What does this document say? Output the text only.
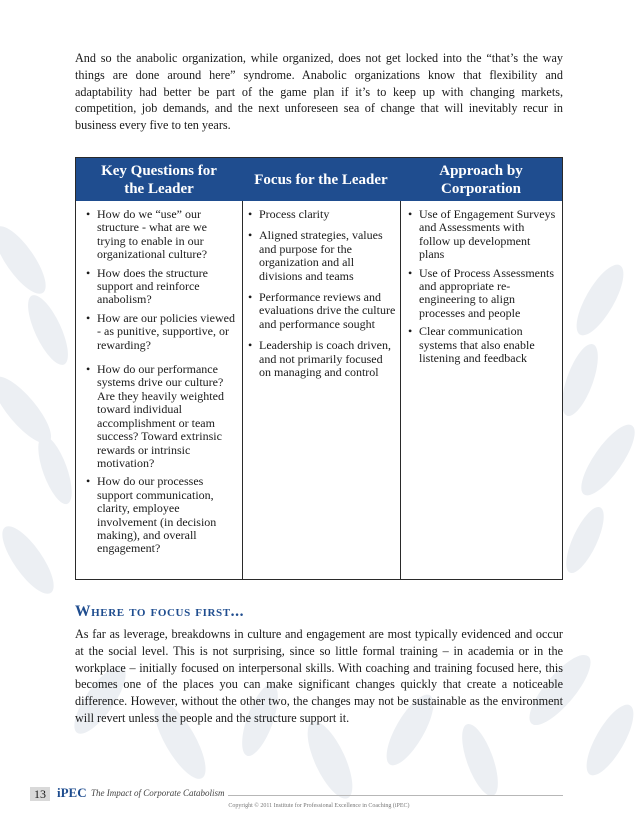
And so the anabolic organization, while organized, does not get locked into the “that’s the way things are done around here” syndrome. Anabolic organizations know that flexibility and adaptability had better be part of the game plan if it’s to keep up with changing markets, competition, job demands, and the next unforeseen sea of change that will inevitably recur in business every five to ten years.

Key Questions for
the Leader
Focus for the Leader
Approach by
Corporation

• How do we “use” our structure - what are we trying to enable in our organizational culture?

• How does the structure support and reinforce anabolism?

• How are our policies viewed - as punitive, supportive, or rewarding?

• How do our performance systems drive our culture? Are they heavily weighted toward individual accomplishment or team success? Toward extrinsic rewards or intrinsic motivation?

• How do our processes support communication, clarity, employee involvement (in decision making), and overall engagement?

• Process clarity

• Aligned strategies, values and purpose for the organization and all divisions and teams

• Performance reviews and evaluations drive the culture and performance sought

• Leadership is coach driven, and not primarily focused on managing and control

• Use of Engagement Surveys and Assessments with follow up development plans

• Use of Process Assessments and appropriate re-engineering to align processes and people

• Clear communication systems that also enable listening and feedback

Where to focus first...

As far as leverage, breakdowns in culture and engagement are most typically evidenced and occur at the social level. This is not surprising, since so little formal training – in academia or in the workplace – initially focused on interpersonal skills. With coaching and training focused here, this becomes one of the places you can make significant changes quickly that create a noticeable difference. However, without the other two, the changes may not be sustainable as the environment will revert unless the people and the structure support it.

13 iPEC The Impact of Corporate Catabolism
Copyright © 2011 Institute for Professional Excellence in Coaching (iPEC)
